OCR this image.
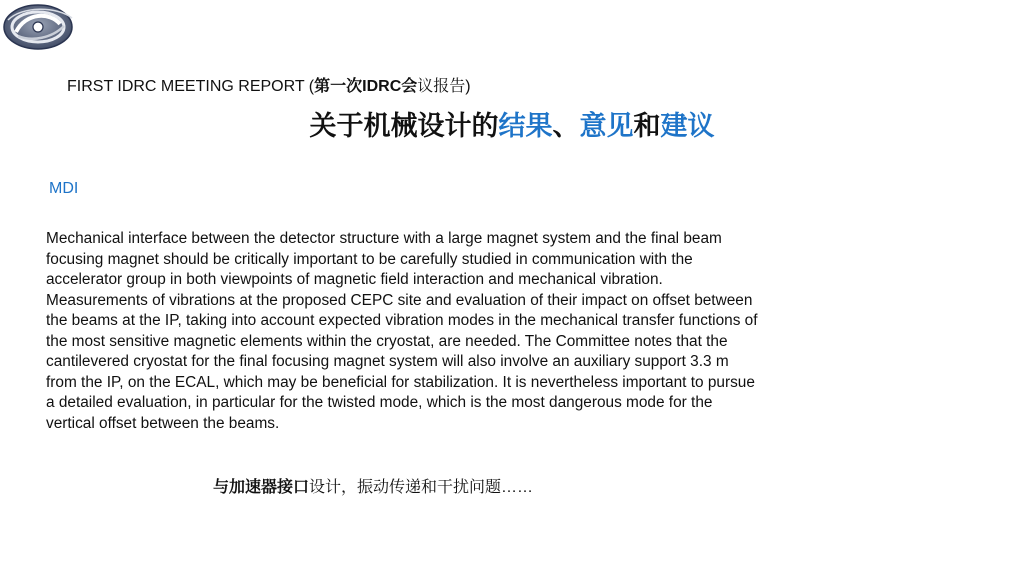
FIRST IDRC MEETING REPORT (第一次IDRC会议报告)
关于机械设计的结果、意见和建议
MDI
Mechanical interface between the detector structure with a large magnet system and the final beam focusing magnet should be critically important to be carefully studied in communication with the accelerator group in both viewpoints of magnetic field interaction and mechanical vibration. Measurements of vibrations at the proposed CEPC site and evaluation of their impact on offset between the beams at the IP, taking into account expected vibration modes in the mechanical transfer functions of the most sensitive magnetic elements within the cryostat, are needed. The Committee notes that the cantilevered cryostat for the final focusing magnet system will also involve an auxiliary support 3.3 m from the IP, on the ECAL, which may be beneficial for stabilization. It is nevertheless important to pursue a detailed evaluation, in particular for the twisted mode, which is the most dangerous mode for the vertical offset between the beams.
与加速器接口设计，振动传递和干扰问题……
